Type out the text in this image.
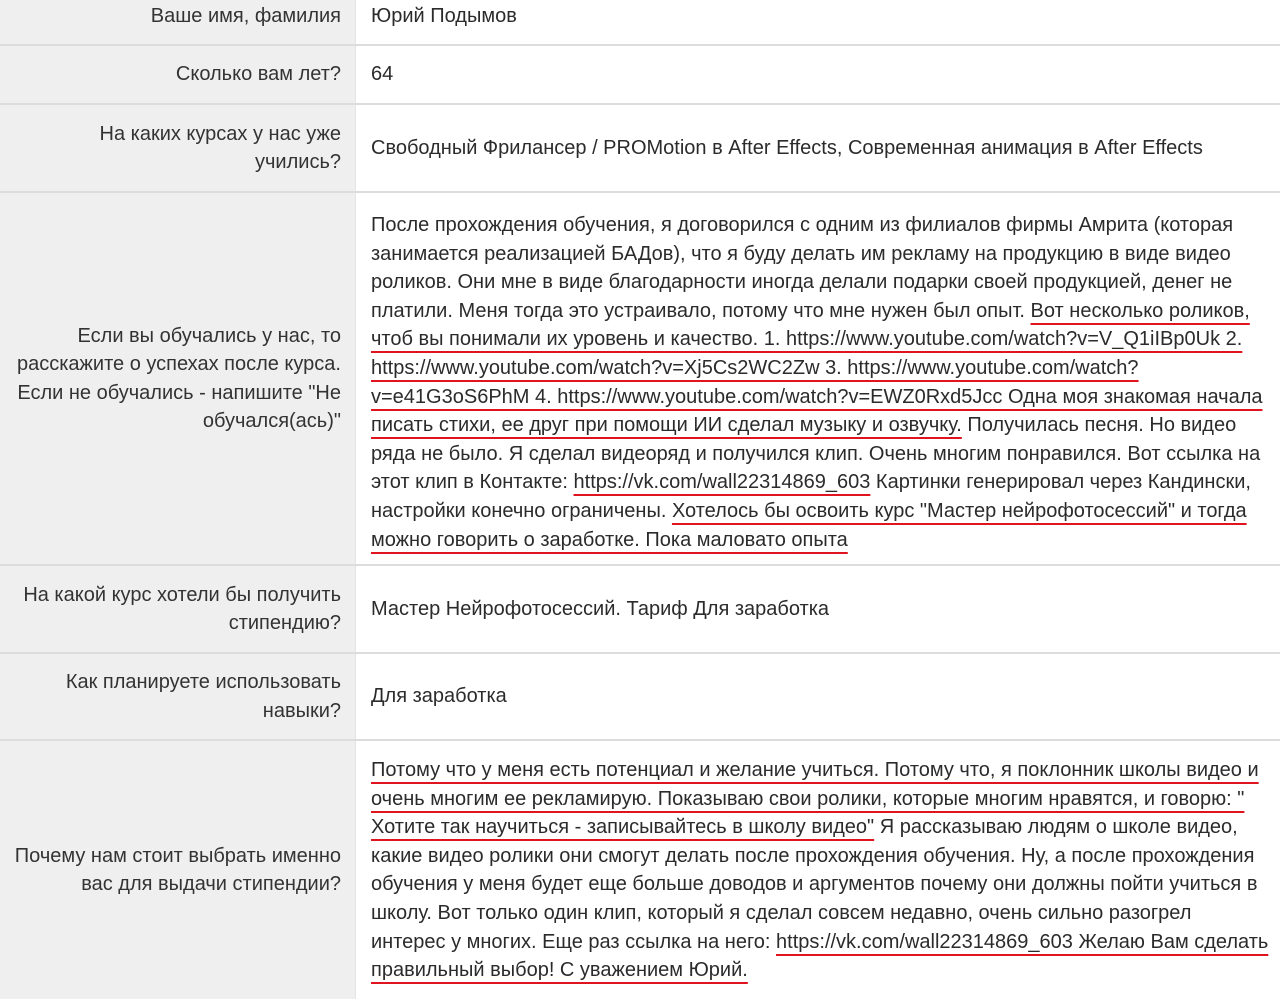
Ваше имя, фамилия Юрий Подымов
Сколько вам лет? 64
На каких курсах у нас уже учились?
Свободный Фрилансер / PROMotion в After Effects, Современная анимация в After Effects
Если вы обучались у нас, то расскажите о успехах после курса. Если не обучались - напишите "Не обучался(ась)"
После прохождения обучения, я договорился с одним из филиалов фирмы Амрита (которая занимается реализацией БАДов), что я буду делать им рекламу на продукцию в виде видео роликов. Они мне в виде благодарности иногда делали подарки своей продукцией, денег не платили. Меня тогда это устраивало, потому что мне нужен был опыт. Вот несколько роликов, чтоб вы понимали их уровень и качество. 1. https://www.youtube.com/watch?v=V_Q1iIBp0Uk 2. https://www.youtube.com/watch?v=Xj5Cs2WC2Zw 3. https://www.youtube.com/watch?v=e41G3oS6PhM 4. https://www.youtube.com/watch?v=EWZ0Rxd5Jcc Одна моя знакомая начала писать стихи, ее друг при помощи ИИ сделал музыку и озвучку. Получилась песня. Но видео ряда не было. Я сделал видеоряд и получился клип. Очень многим понравился. Вот ссылка на этот клип в Контакте: https://vk.com/wall22314869_603 Картинки генерировал через Кандински, настройки конечно ограничены. Хотелось бы освоить курс "Мастер нейрофотосессий" и тогда можно говорить о заработке. Пока маловато опыта
На какой курс хотели бы получить стипендию?
Мастер Нейрофотосессий. Тариф Для заработка
Как планируете использовать навыки?
Для заработка
Почему нам стоит выбрать именно вас для выдачи стипендии?
Потому что у меня есть потенциал и желание учиться. Потому что, я поклонник школы видео и очень многим ее рекламирую. Показываю свои ролики, которые многим нравятся, и говорю: " Хотите так научиться - записывайтесь в школу видео" Я рассказываю людям о школе видео, какие видео ролики они смогут делать после прохождения обучения. Ну, а после прохождения обучения у меня будет еще больше доводов и аргументов почему они должны пойти учиться в школу. Вот только один клип, который я сделал совсем недавно, очень сильно разогрел интерес у многих. Еще раз ссылка на него: https://vk.com/wall22314869_603 Желаю Вам сделать правильный выбор! С уважением Юрий.
